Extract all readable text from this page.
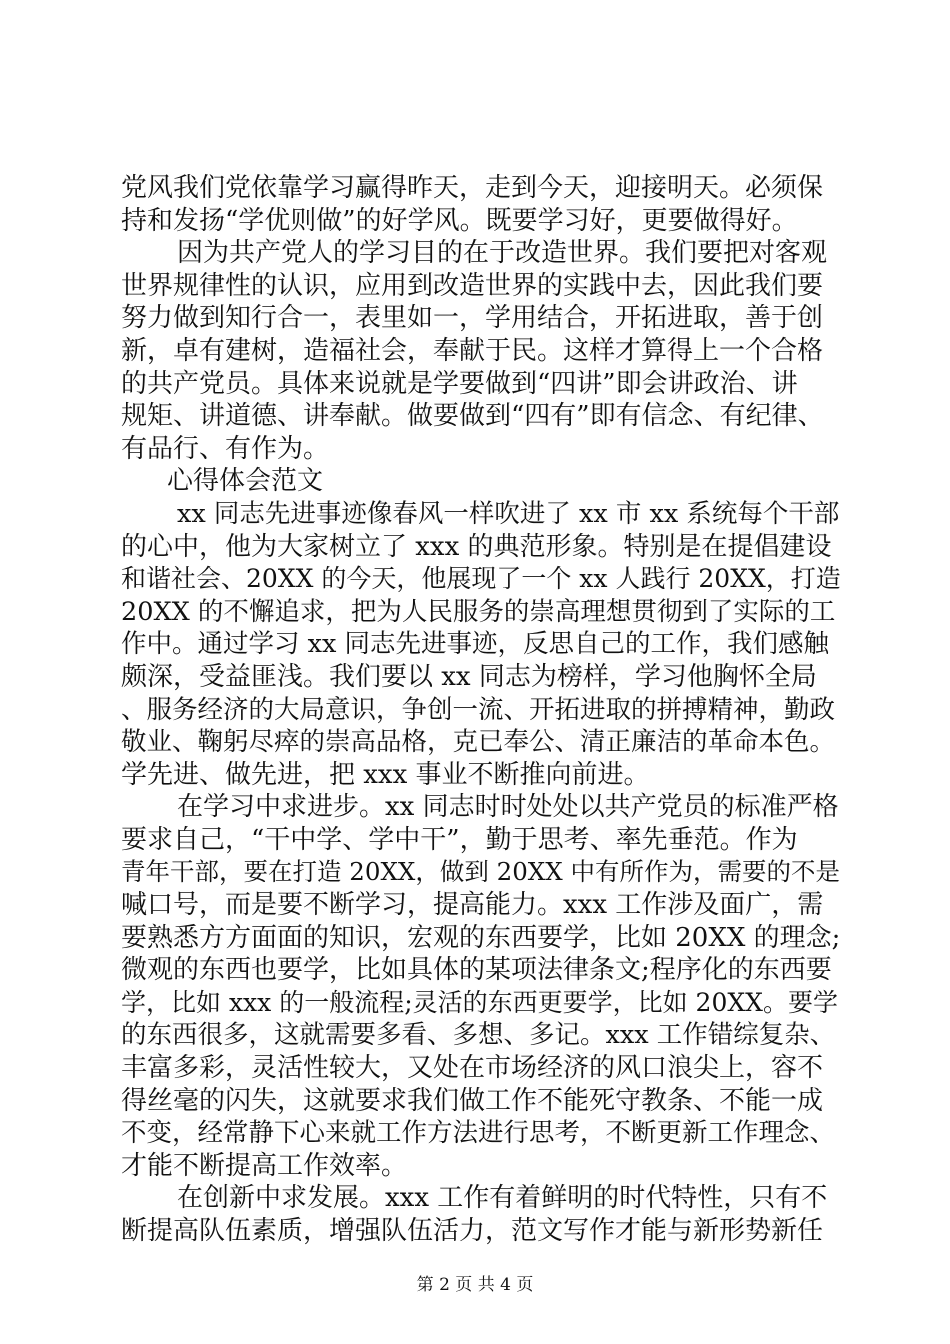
党风我们党依靠学习赢得昨天，走到今天，迎接明天。必须保
持和发扬“学优则做”的好学风。既要学习好，更要做得好。
因为共产党人的学习目的在于改造世界。我们要把对客观
世界规律性的认识，应用到改造世界的实践中去，因此我们要
努力做到知行合一，表里如一，学用结合，开拓进取，善于创
新，卓有建树，造福社会，奉献于民。这样才算得上一个合格
的共产党员。具体来说就是学要做到“四讲”即会讲政治、讲
规矩、讲道德、讲奉献。做要做到“四有”即有信念、有纪律、
有品行、有作为。
心得体会范文
xx 同志先进事迹像春风一样吹进了 xx 市 xx 系统每个干部
的心中，他为大家树立了 xxx 的典范形象。特别是在提倡建设
和谐社会、20XX 的今天，他展现了一个 xx 人践行 20XX，打造
20XX 的不懈追求，把为人民服务的崇高理想贯彻到了实际的工
作中。通过学习 xx 同志先进事迹，反思自己的工作，我们感触
颇深，受益匪浅。我们要以 xx 同志为榜样，学习他胸怀全局
、服务经济的大局意识，争创一流、开拓进取的拼搏精神，勤政
敬业、鞠躬尽瘁的崇高品格，克已奉公、清正廉洁的革命本色。
学先进、做先进，把 xxx 事业不断推向前进。
在学习中求进步。xx 同志时时处处以共产党员的标准严格
要求自己，“干中学、学中干”，勤于思考、率先垂范。作为
青年干部，要在打造 20XX，做到 20XX 中有所作为，需要的不是
喊口号，而是要不断学习，提高能力。xxx 工作涉及面广，需
要熟悉方方面面的知识，宏观的东西要学，比如 20XX 的理念;
微观的东西也要学，比如具体的某项法律条文;程序化的东西要
学，比如 xxx 的一般流程;灵活的东西更要学，比如 20XX。要学
的东西很多，这就需要多看、多想、多记。xxx 工作错综复杂、
丰富多彩，灵活性较大，又处在市场经济的风口浪尖上，容不
得丝毫的闪失，这就要求我们做工作不能死守教条、不能一成
不变，经常静下心来就工作方法进行思考，不断更新工作理念、
才能不断提高工作效率。
在创新中求发展。xxx 工作有着鲜明的时代特性，只有不
断提高队伍素质，增强队伍活力，范文写作才能与新形势新任
第 2 页 共 4 页
